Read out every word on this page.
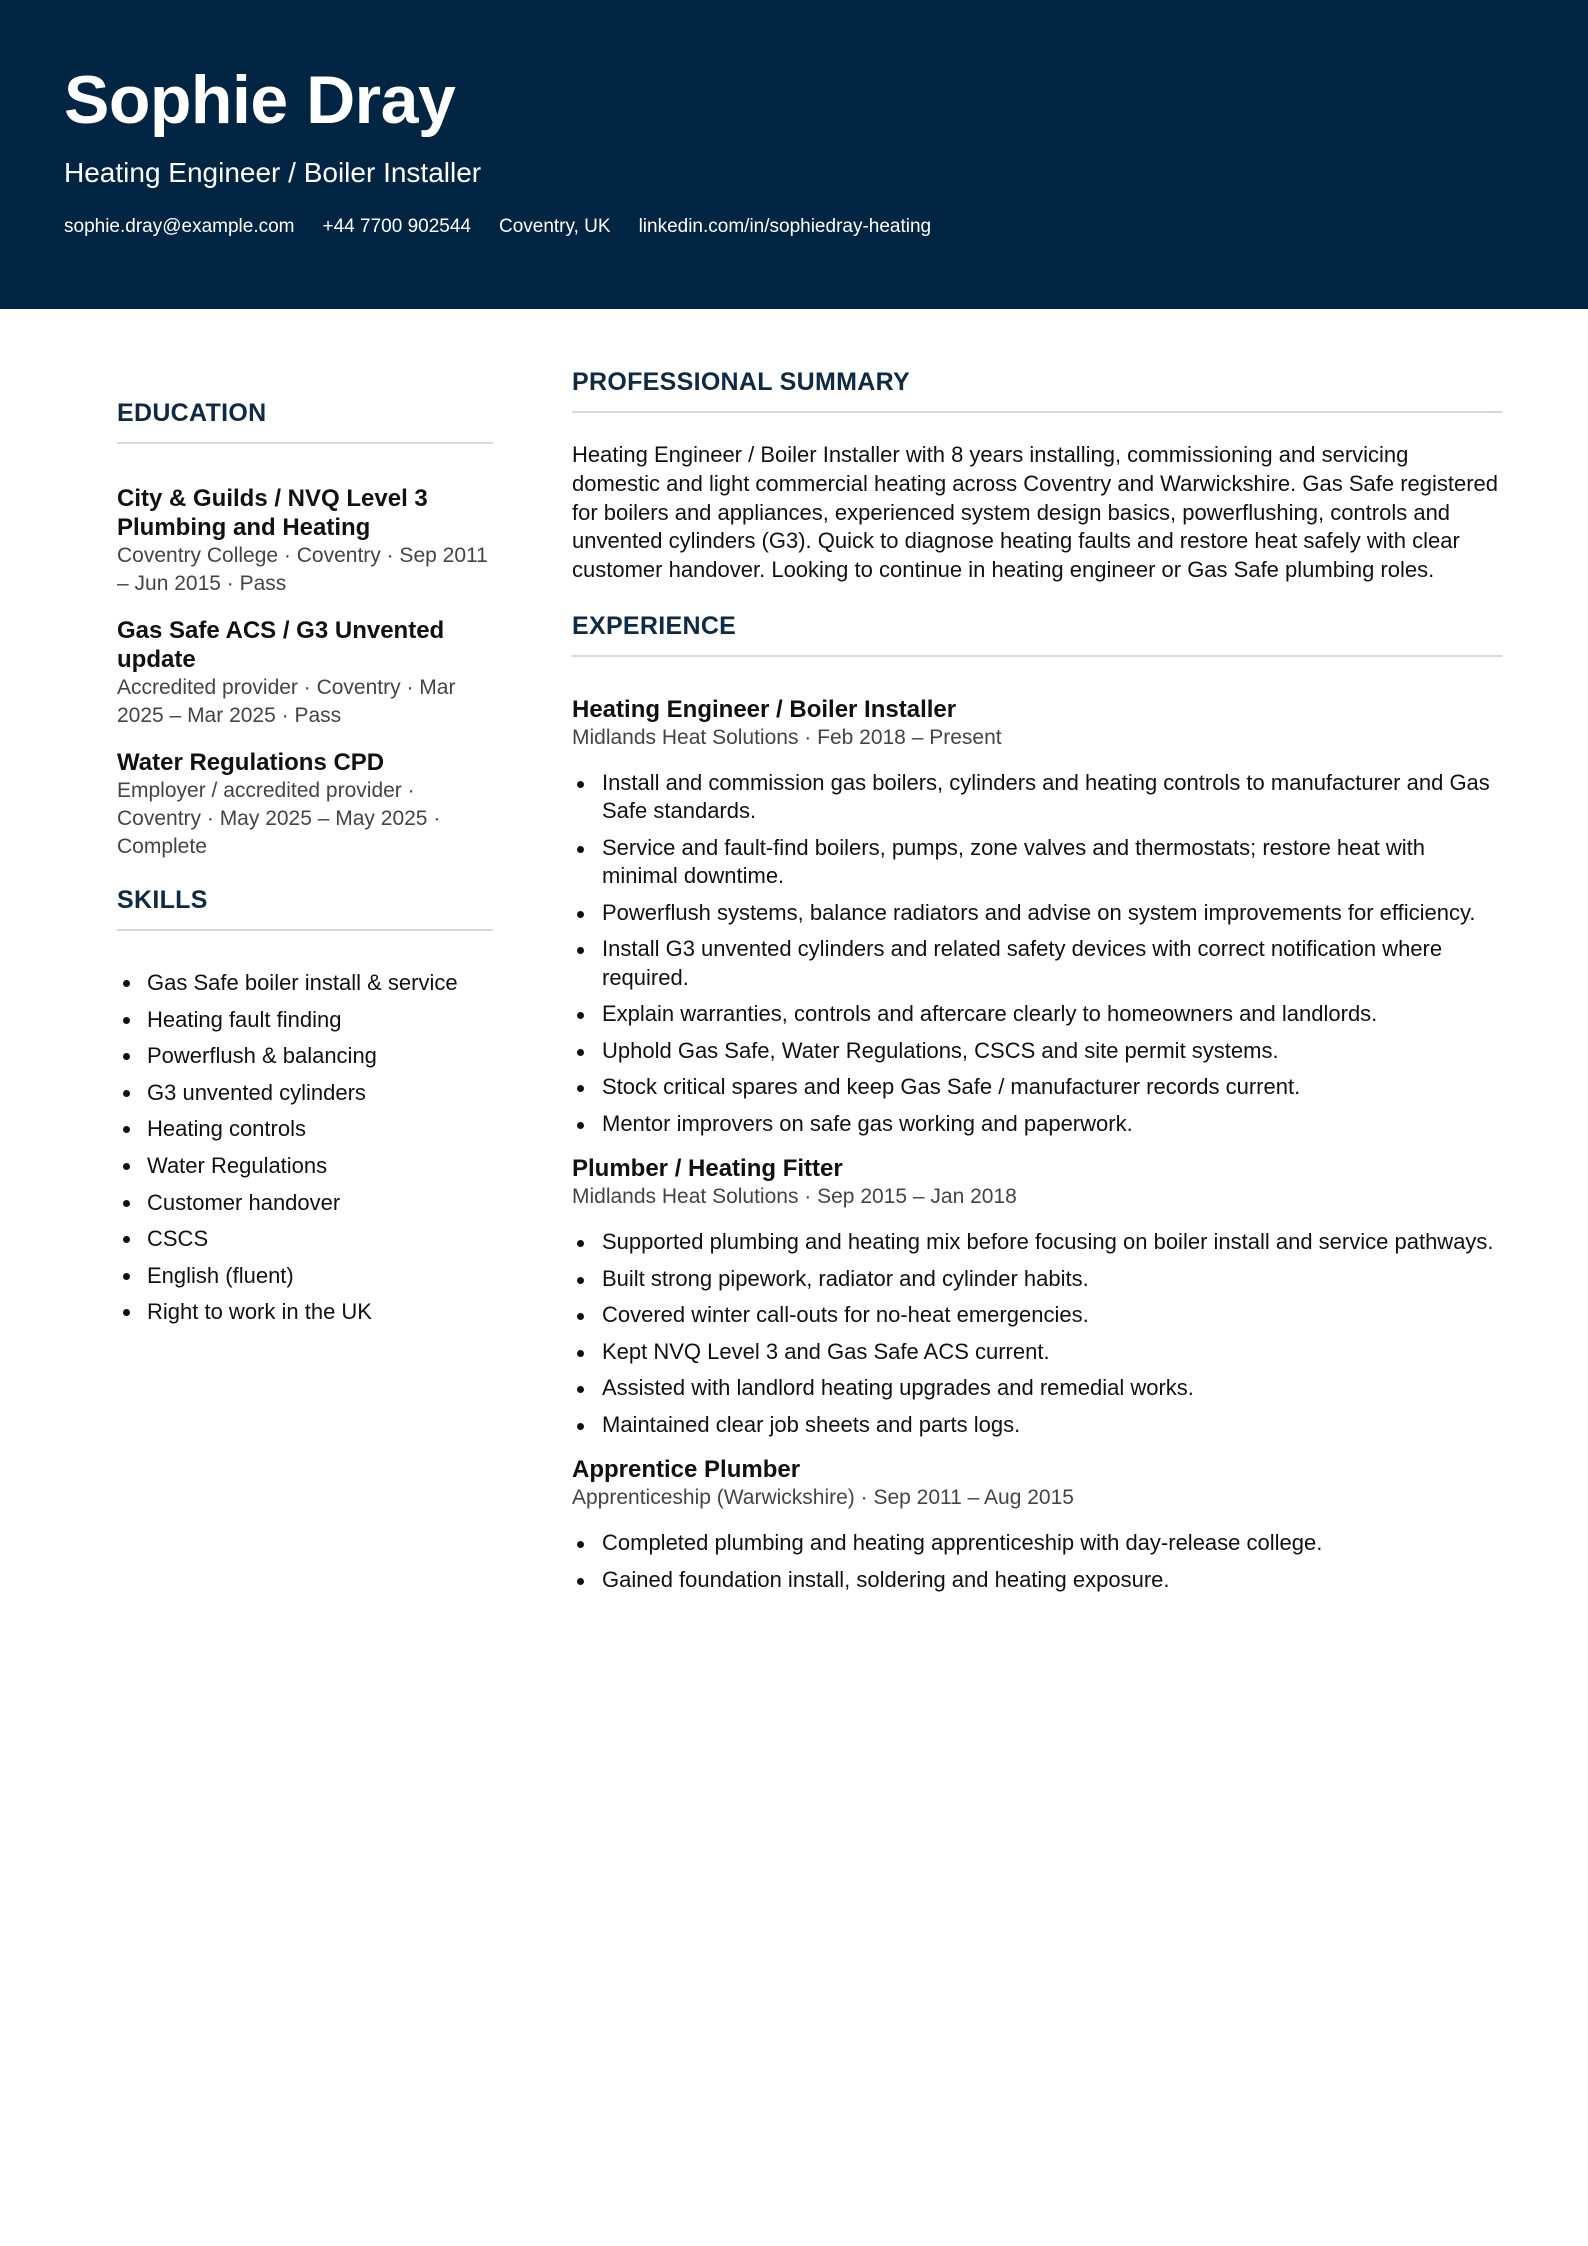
Sophie Dray
Heating Engineer / Boiler Installer
sophie.dray@example.com +44 7700 902544 Coventry, UK linkedin.com/in/sophiedray-heating
EDUCATION
City & Guilds / NVQ Level 3 Plumbing and Heating
Coventry College · Coventry · Sep 2011 – Jun 2015 · Pass
Gas Safe ACS / G3 Unvented update
Accredited provider · Coventry · Mar 2025 – Mar 2025 · Pass
Water Regulations CPD
Employer / accredited provider · Coventry · May 2025 – May 2025 · Complete
SKILLS
Gas Safe boiler install & service
Heating fault finding
Powerflush & balancing
G3 unvented cylinders
Heating controls
Water Regulations
Customer handover
CSCS
English (fluent)
Right to work in the UK
PROFESSIONAL SUMMARY
Heating Engineer / Boiler Installer with 8 years installing, commissioning and servicing domestic and light commercial heating across Coventry and Warwickshire. Gas Safe registered for boilers and appliances, experienced system design basics, powerflushing, controls and unvented cylinders (G3). Quick to diagnose heating faults and restore heat safely with clear customer handover. Looking to continue in heating engineer or Gas Safe plumbing roles.
EXPERIENCE
Heating Engineer / Boiler Installer
Midlands Heat Solutions · Feb 2018 – Present
Install and commission gas boilers, cylinders and heating controls to manufacturer and Gas Safe standards.
Service and fault-find boilers, pumps, zone valves and thermostats; restore heat with minimal downtime.
Powerflush systems, balance radiators and advise on system improvements for efficiency.
Install G3 unvented cylinders and related safety devices with correct notification where required.
Explain warranties, controls and aftercare clearly to homeowners and landlords.
Uphold Gas Safe, Water Regulations, CSCS and site permit systems.
Stock critical spares and keep Gas Safe / manufacturer records current.
Mentor improvers on safe gas working and paperwork.
Plumber / Heating Fitter
Midlands Heat Solutions · Sep 2015 – Jan 2018
Supported plumbing and heating mix before focusing on boiler install and service pathways.
Built strong pipework, radiator and cylinder habits.
Covered winter call-outs for no-heat emergencies.
Kept NVQ Level 3 and Gas Safe ACS current.
Assisted with landlord heating upgrades and remedial works.
Maintained clear job sheets and parts logs.
Apprentice Plumber
Apprenticeship (Warwickshire) · Sep 2011 – Aug 2015
Completed plumbing and heating apprenticeship with day-release college.
Gained foundation install, soldering and heating exposure.
